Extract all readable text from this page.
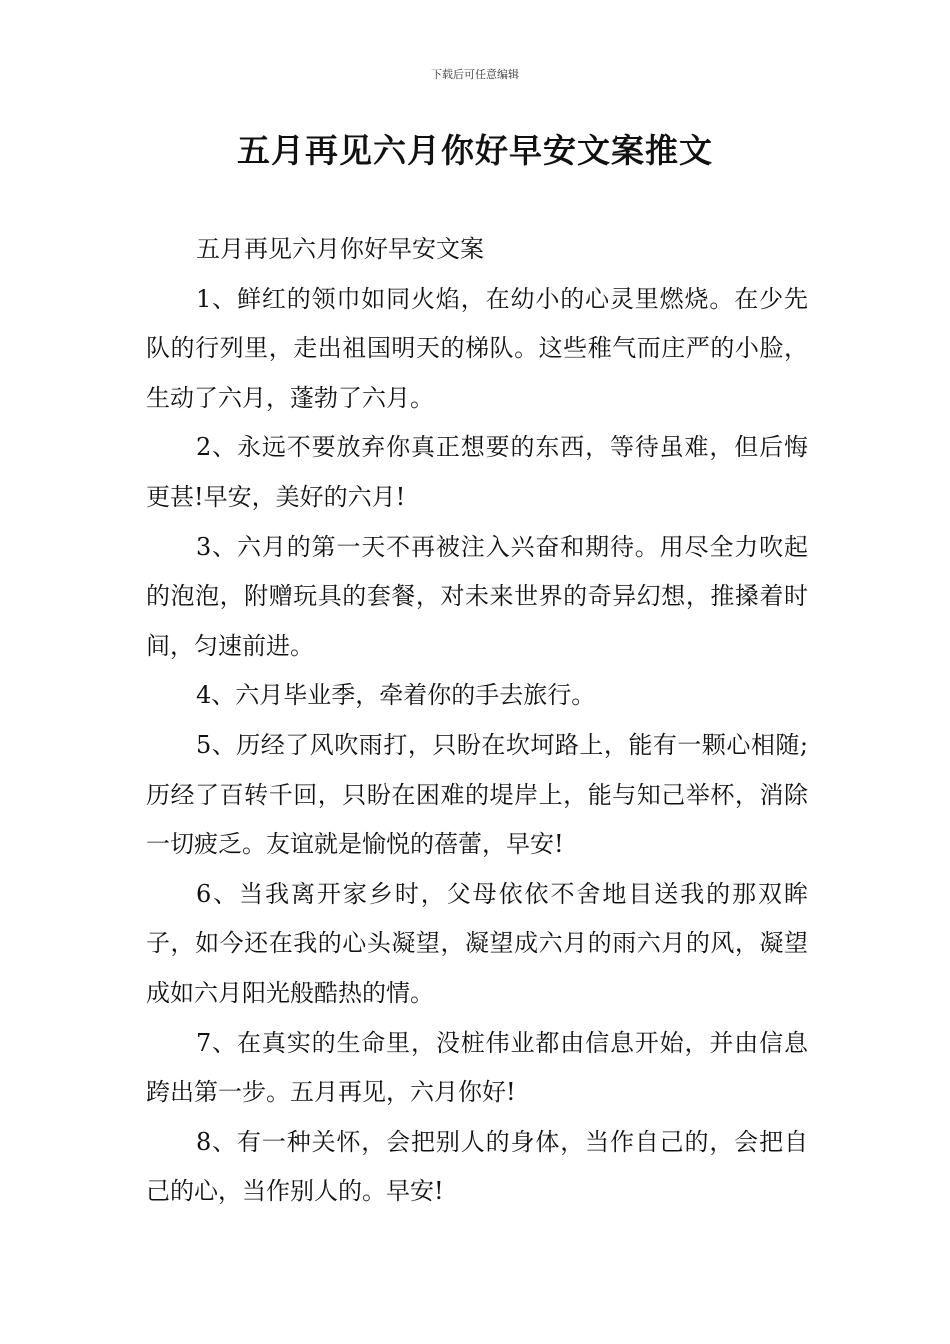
下载后可任意编辑
五月再见六月你好早安文案推文

五月再见六月你好早安文案

1、鲜红的领巾如同火焰，在幼小的心灵里燃烧。在少先队的行列里，走出祖国明天的梯队。这些稚气而庄严的小脸，生动了六月，蓬勃了六月。

2、永远不要放弃你真正想要的东西，等待虽难，但后悔更甚!早安，美好的六月!

3、六月的第一天不再被注入兴奋和期待。用尽全力吹起的泡泡，附赠玩具的套餐，对未来世界的奇异幻想，推搡着时间，匀速前进。

4、六月毕业季，牵着你的手去旅行。

5、历经了风吹雨打，只盼在坎坷路上，能有一颗心相随;历经了百转千回，只盼在困难的堤岸上，能与知己举杯，消除一切疲乏。友谊就是愉悦的蓓蕾，早安!

6、当我离开家乡时，父母依依不舍地目送我的那双眸子，如今还在我的心头凝望，凝望成六月的雨六月的风，凝望成如六月阳光般酷热的情。

7、在真实的生命里，没桩伟业都由信息开始，并由信息跨出第一步。五月再见，六月你好!

8、有一种关怀，会把别人的身体，当作自己的，会把自己的心，当作别人的。早安!
